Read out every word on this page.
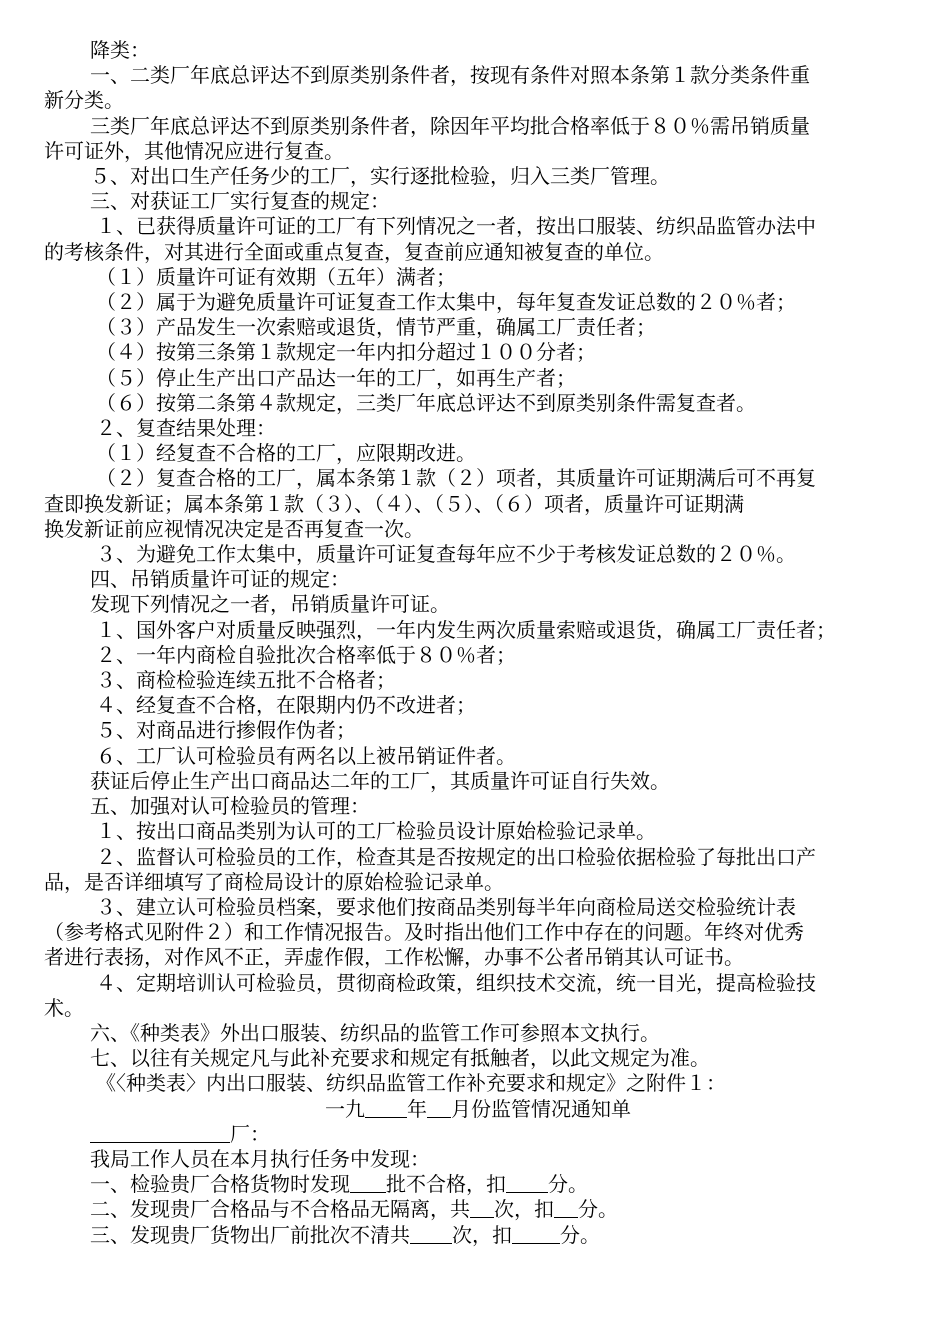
降类：
一、二类厂年底总评达不到原类别条件者，按现有条件对照本条第１款分类条件重
新分类。
三类厂年底总评达不到原类别条件者，除因年平均批合格率低于８０％需吊销质量
许可证外，其他情况应进行复查。
５、对出口生产任务少的工厂，实行逐批检验，归入三类厂管理。
三、对获证工厂实行复查的规定：
１、已获得质量许可证的工厂有下列情况之一者，按出口服装、纺织品监管办法中
的考核条件，对其进行全面或重点复查，复查前应通知被复查的单位。
（１）质量许可证有效期（五年）满者；
（２）属于为避免质量许可证复查工作太集中，每年复查发证总数的２０％者；
（３）产品发生一次索赔或退货，情节严重，确属工厂责任者；
（４）按第三条第１款规定一年内扣分超过１００分者；
（５）停止生产出口产品达一年的工厂，如再生产者；
（６）按第二条第４款规定，三类厂年底总评达不到原类别条件需复查者。
２、复查结果处理：
（１）经复查不合格的工厂，应限期改进。
（２）复查合格的工厂，属本条第１款（２）项者，其质量许可证期满后可不再复
查即换发新证；属本条第１款（３）、（４）、（５）、（６）项者，质量许可证期满
换发新证前应视情况决定是否再复查一次。
３、为避免工作太集中，质量许可证复查每年应不少于考核发证总数的２０％。
四、吊销质量许可证的规定：
发现下列情况之一者，吊销质量许可证。
１、国外客户对质量反映强烈，一年内发生两次质量索赔或退货，确属工厂责任者；
２、一年内商检自验批次合格率低于８０％者；
３、商检检验连续五批不合格者；
４、经复查不合格，在限期内仍不改进者；
５、对商品进行掺假作伪者；
６、工厂认可检验员有两名以上被吊销证件者。
获证后停止生产出口商品达二年的工厂，其质量许可证自行失效。
五、加强对认可检验员的管理：
１、按出口商品类别为认可的工厂检验员设计原始检验记录单。
２、监督认可检验员的工作，检查其是否按规定的出口检验依据检验了每批出口产
品，是否详细填写了商检局设计的原始检验记录单。
３、建立认可检验员档案，要求他们按商品类别每半年向商检局送交检验统计表
（参考格式见附件２）和工作情况报告。及时指出他们工作中存在的问题。年终对优秀
者进行表扬，对作风不正，弄虚作假，工作松懈，办事不公者吊销其认可证书。
４、定期培训认可检验员，贯彻商检政策，组织技术交流，统一目光，提高检验技
术。
六、《种类表》外出口服装、纺织品的监管工作可参照本文执行。
七、以往有关规定凡与此补充要求和规定有抵触者，以此文规定为准。
《〈种类表〉内出口服装、纺织品监管工作补充要求和规定》之附件１：
一九 年 月份监管情况通知单
厂：
我局工作人员在本月执行任务中发现：
一、检验贵厂合格货物时发现 批不合格，扣 分。
二、发现贵厂合格品与不合格品无隔离，共 次，扣 分。
三、发现贵厂货物出厂前批次不清共 次，扣 分。
